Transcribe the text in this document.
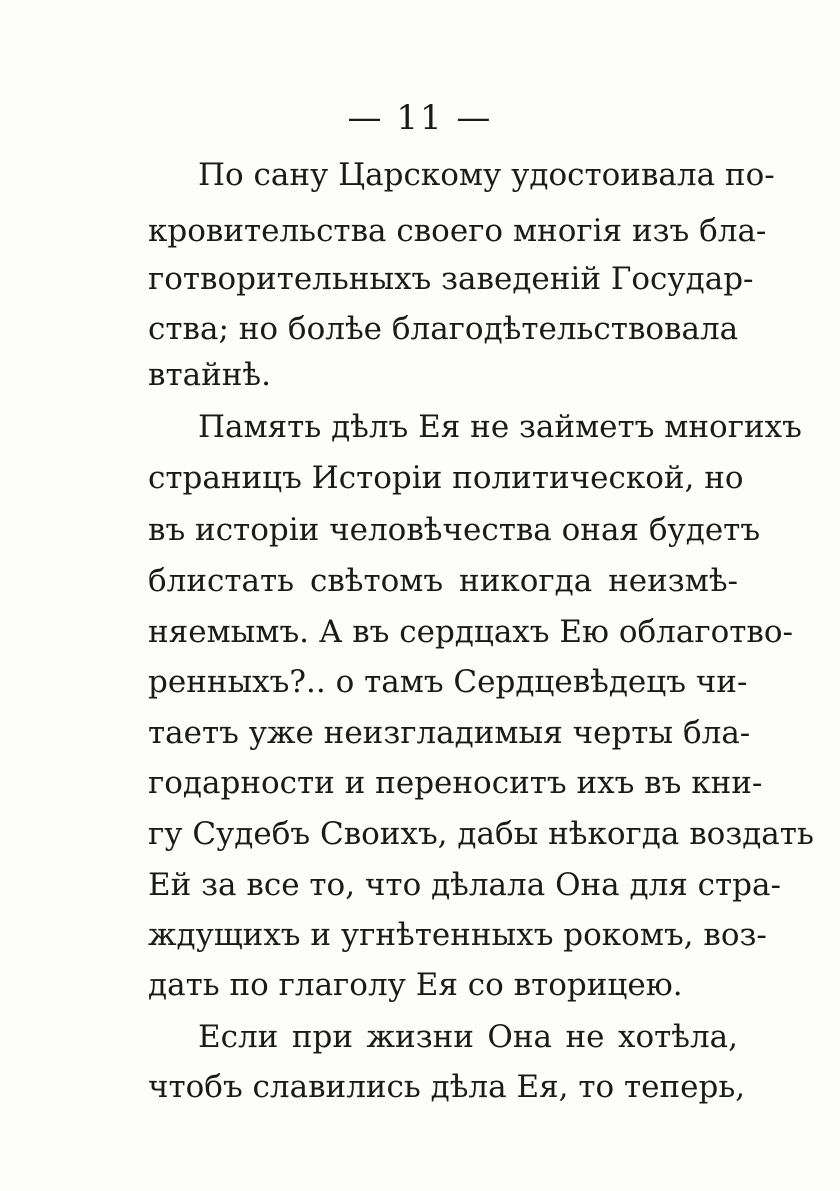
— 11 —
По сану Царскому удостоивала по-
кровительства своего многія изъ бла-
готворительныхъ заведеній Государ-
ства; но болѣе благодѣтельствовала
втайнѣ.
Память дѣлъ Ея не займетъ многихъ
страницъ Исторіи политической, но
въ исторіи человѣчества оная будетъ
блистать свѣтомъ никогда неизмѣ-
няемымъ. А въ сердцахъ Ею облаготво-
ренныхъ?.. о тамъ Сердцевѣдецъ чи-
таетъ уже неизгладимыя черты бла-
годарности и переноситъ ихъ въ кни-
гу Судебъ Своихъ, дабы нѣкогда воздать
Ей за все то, что дѣлала Она для стра-
ждущихъ и угнѣтенныхъ рокомъ, воз-
дать по глаголу Ея со вторицею.
Если при жизни Она не хотѣла,
чтобъ славились дѣла Ея, то теперь,
